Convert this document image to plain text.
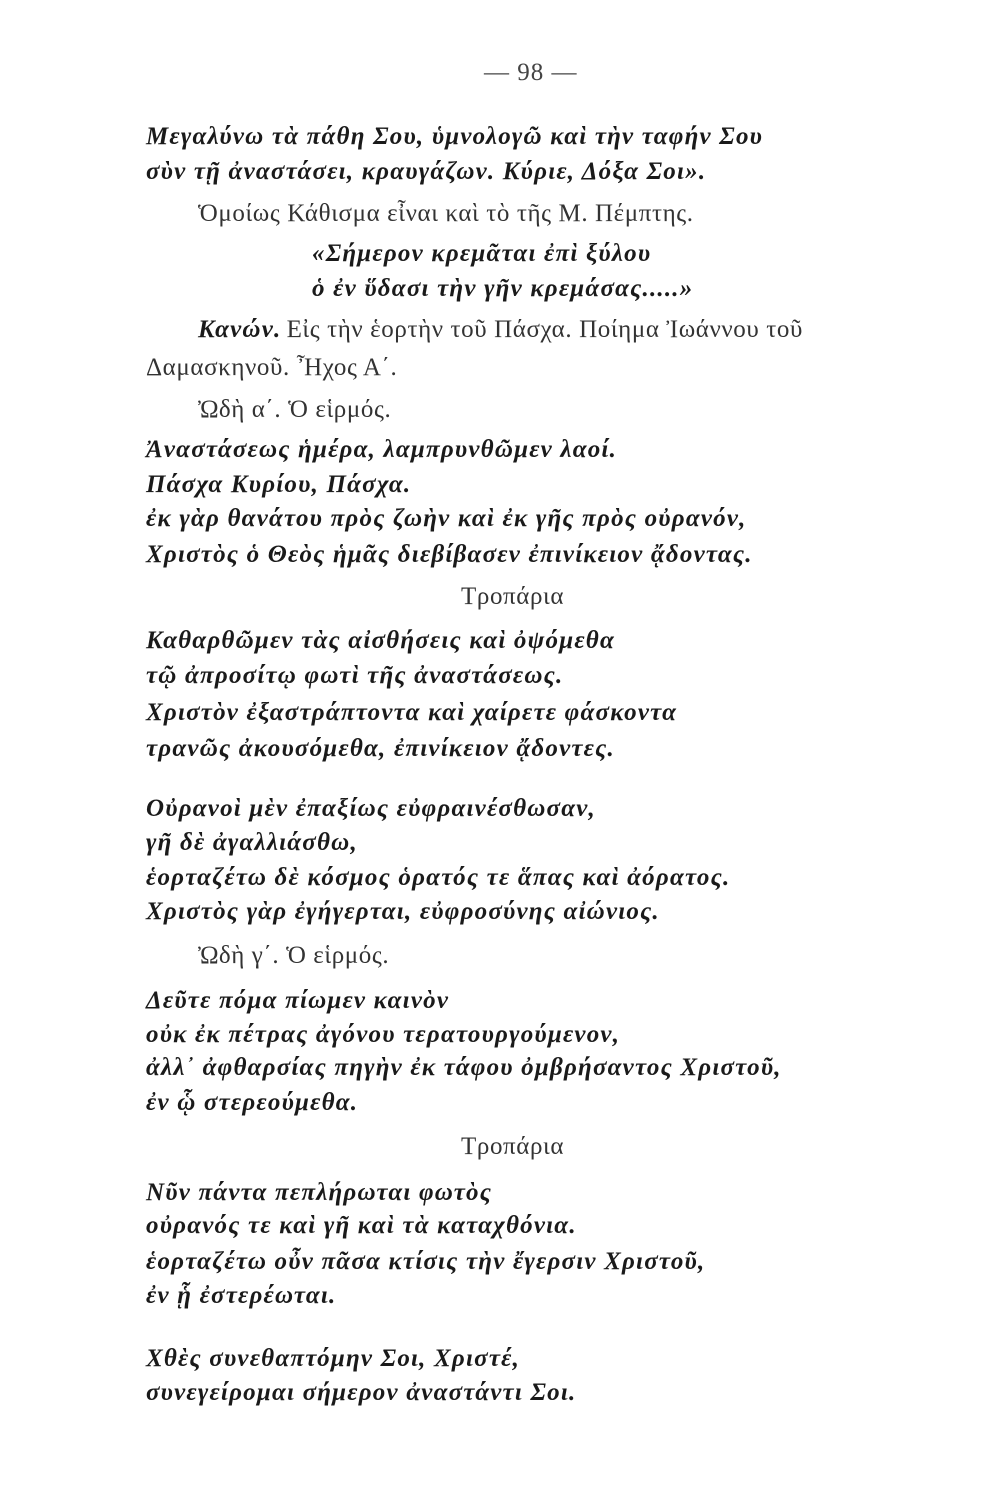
— 98 —
Μεγαλύνω τὰ πάθη Σου, ὑμνολογῶ καὶ τὴν ταφήν Σου
σὺν τῇ ἀναστάσει, κραυγάζων. Κύριε, Δόξα Σοι».
Ὁμοίως Κάθισμα εἶναι καὶ τὸ τῆς Μ. Πέμπτης.
«Σήμερον κρεμᾶται ἐπὶ ξύλου
ὁ ἐν ὕδασι τὴν γῆν κρεμάσας.....»
Κανών. Εἰς τὴν ἑορτὴν τοῦ Πάσχα. Ποίημα Ἰωάννου τοῦ
Δαμασκηνοῦ. Ἦχος Α΄.
Ὠδὴ α΄. Ὁ εἱρμός.
Ἀναστάσεως ἡμέρα, λαμπρυνθῶμεν λαοί.
Πάσχα Κυρίου, Πάσχα.
ἐκ γὰρ θανάτου πρὸς ζωὴν καὶ ἐκ γῆς πρὸς οὐρανόν,
Χριστὸς ὁ Θεὸς ἡμᾶς διεβίβασεν ἐπινίκειον ᾄδοντας.
Τροπάρια
Καθαρθῶμεν τὰς αἰσθήσεις καὶ ὀψόμεθα
τῷ ἀπροσίτῳ φωτὶ τῆς ἀναστάσεως.
Χριστὸν ἐξαστράπτοντα καὶ χαίρετε φάσκοντα
τρανῶς ἀκουσόμεθα, ἐπινίκειον ᾄδοντες.
Οὐρανοὶ μὲν ἐπαξίως εὐφραινέσθωσαν,
γῆ δὲ ἀγαλλιάσθω,
ἑορταζέτω δὲ κόσμος ὁρατός τε ἅπας καὶ ἀόρατος.
Χριστὸς γὰρ ἐγήγερται, εὐφροσύνης αἰώνιος.
Ὠδὴ γ΄. Ὁ εἱρμός.
Δεῦτε πόμα πίωμεν καινὸν
οὐκ ἐκ πέτρας ἀγόνου τερατουργούμενον,
ἀλλ᾽ ἀφθαρσίας πηγὴν ἐκ τάφου ὀμβρήσαντος Χριστοῦ,
ἐν ᾧ στερεούμεθα.
Τροπάρια
Νῦν πάντα πεπλήρωται φωτὸς
οὐρανός τε καὶ γῆ καὶ τὰ καταχθόνια.
ἑορταζέτω οὖν πᾶσα κτίσις τὴν ἔγερσιν Χριστοῦ,
ἐν ᾗ ἐστερέωται.
Χθὲς συνεθαπτόμην Σοι, Χριστέ,
συνεγείρομαι σήμερον ἀναστάντι Σοι.
